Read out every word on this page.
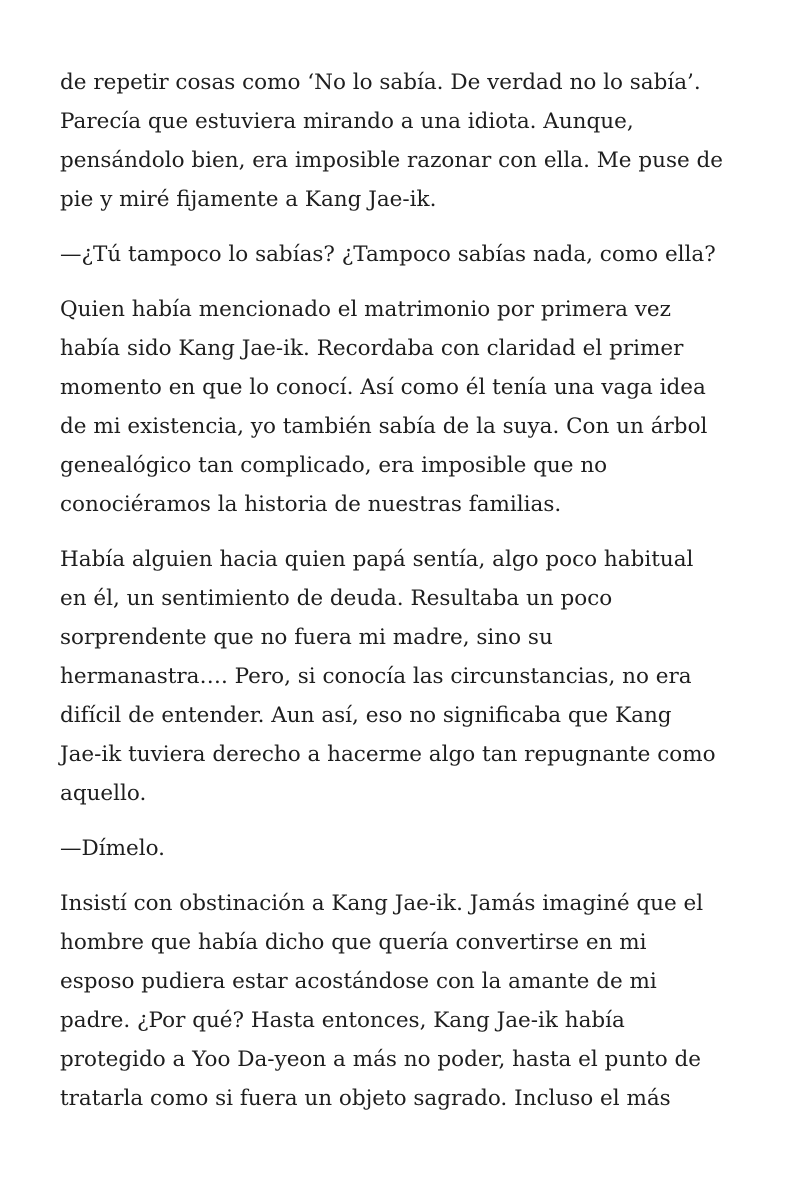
de repetir cosas como ‘No lo sabía. De verdad no lo sabía’.
Parecía que estuviera mirando a una idiota. Aunque,
pensándolo bien, era imposible razonar con ella. Me puse de
pie y miré fijamente a Kang Jae-ik.

—¿Tú tampoco lo sabías? ¿Tampoco sabías nada, como ella?

Quien había mencionado el matrimonio por primera vez
había sido Kang Jae-ik. Recordaba con claridad el primer
momento en que lo conocí. Así como él tenía una vaga idea
de mi existencia, yo también sabía de la suya. Con un árbol
genealógico tan complicado, era imposible que no
conociéramos la historia de nuestras familias.

Había alguien hacia quien papá sentía, algo poco habitual
en él, un sentimiento de deuda. Resultaba un poco
sorprendente que no fuera mi madre, sino su
hermanastra…. Pero, si conocía las circunstancias, no era
difícil de entender. Aun así, eso no significaba que Kang
Jae-ik tuviera derecho a hacerme algo tan repugnante como
aquello.

—Dímelo.

Insistí con obstinación a Kang Jae-ik. Jamás imaginé que el
hombre que había dicho que quería convertirse en mi
esposo pudiera estar acostándose con la amante de mi
padre. ¿Por qué? Hasta entonces, Kang Jae-ik había
protegido a Yoo Da-yeon a más no poder, hasta el punto de
tratarla como si fuera un objeto sagrado. Incluso el más
